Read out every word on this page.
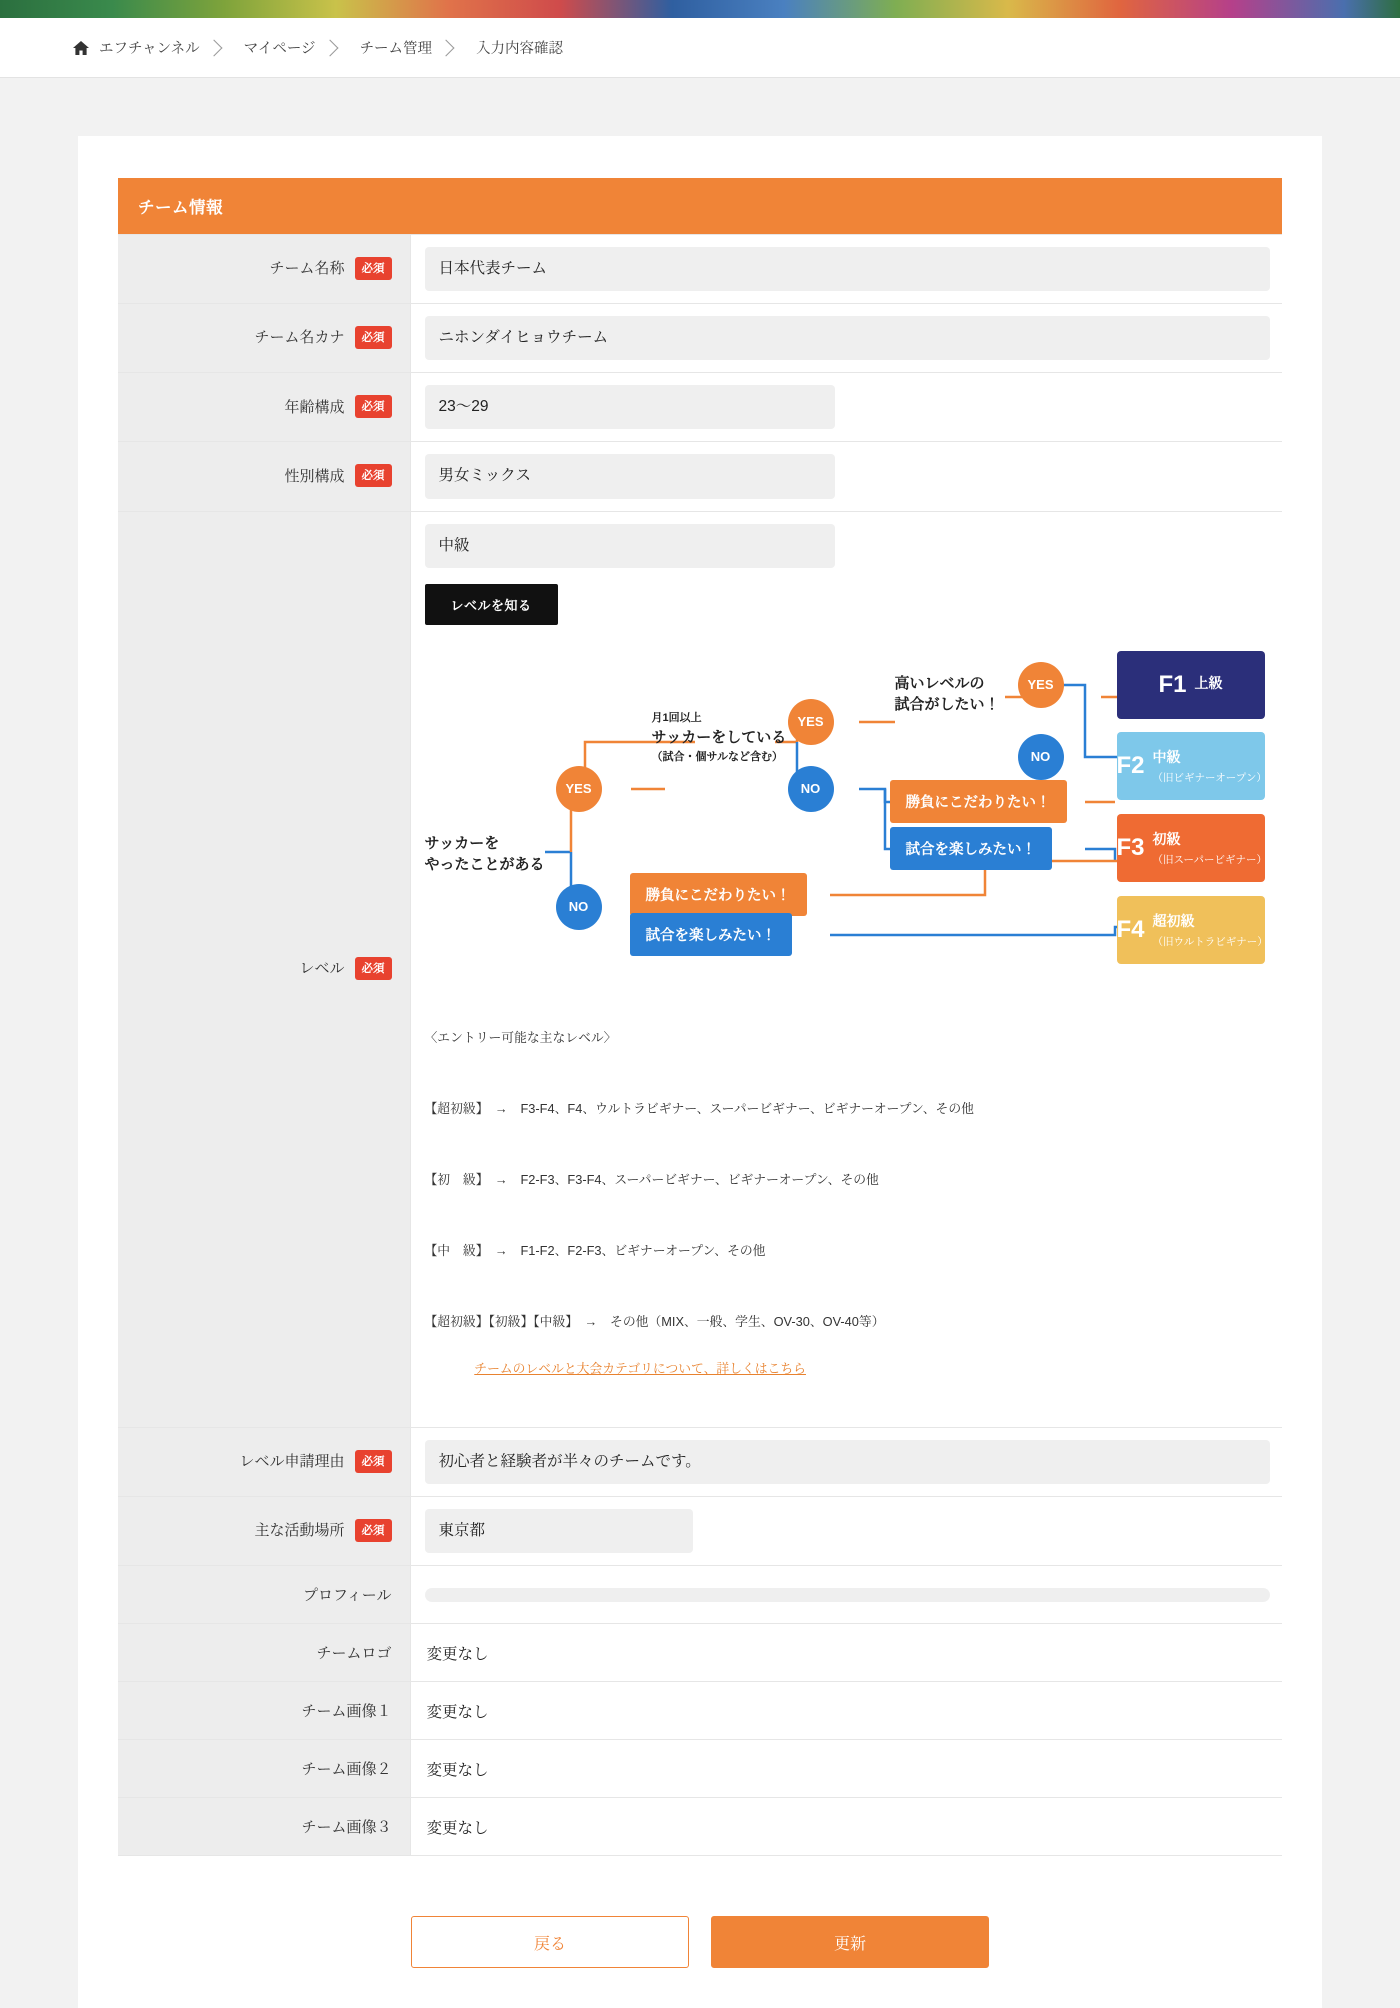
エフチャンネル	マイページ	チーム管理	入力内容確認
チーム情報
チーム名称 必須	日本代表チーム

チーム名カナ 必須	ニホンダイヒョウチーム

年齢構成 必須	23〜29

性別構成 必須	男女ミックス

レベル 必須	
中級
レベルを知る
サッカーを
やったことがある
YES
NO
月1回以上
サッカーをしている
（試合・個サルなど含む）
YES
NO
高いレベルの
試合がしたい！
YES
NO
勝負にこだわりたい！
試合を楽しみたい！
勝負にこだわりたい！
試合を楽しみたい！
F1 上級
F2 中級
（旧ビギナーオープン）
F3 初級
（旧スーパービギナー）
F4 超初級
（旧ウルトラビギナー）

〈エントリー可能な主なレベル〉

【超初級】　→　F3-F4、F4、ウルトラビギナー、スーパービギナー、ビギナーオープン、その他

【初　級】　→　F2-F3、F3-F4、スーパービギナー、ビギナーオープン、その他

【中　級】　→　F1-F2、F2-F3、ビギナーオープン、その他

【超初級】【初級】【中級】　→　その他（MIX、一般、学生、OV-30、OV-40等）

チームのレベルと大会カテゴリについて、詳しくはこちら

レベル申請理由 必須	初心者と経験者が半々のチームです。

主な活動場所 必須	東京都

プロフィール	

チームロゴ	変更なし

チーム画像１	変更なし

チーム画像２	変更なし

チーム画像３	変更なし
戻る	更新
